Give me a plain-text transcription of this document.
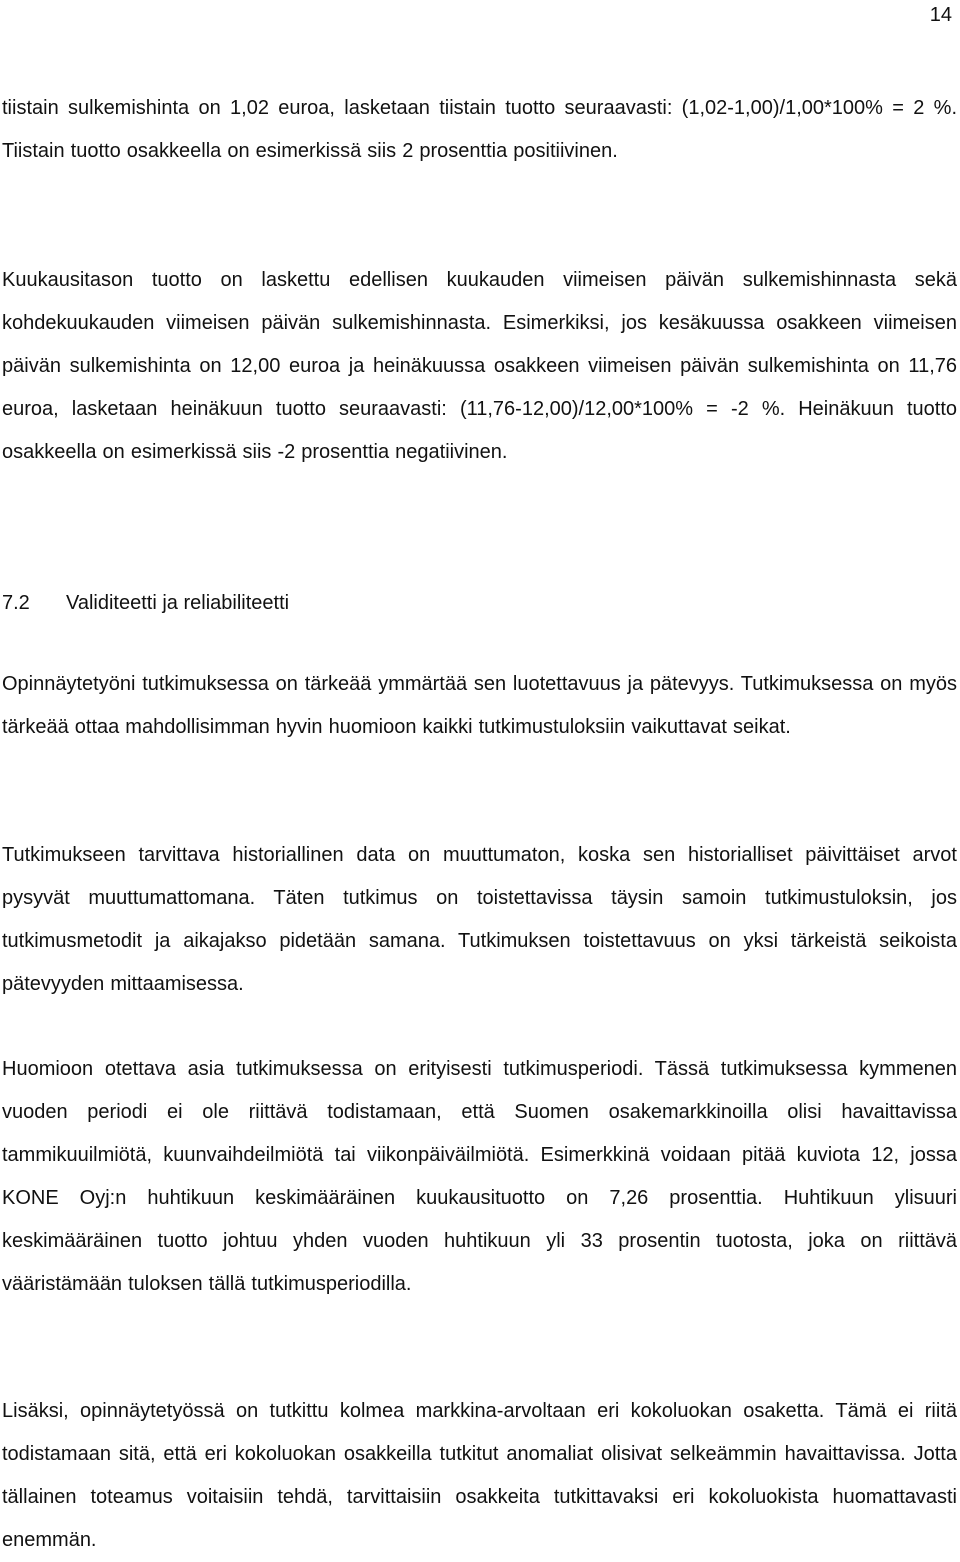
14

tiistain sulkemishinta on 1,02 euroa, lasketaan tiistain tuotto seuraavasti: (1,02-1,00)/1,00*100% = 2 %. Tiistain tuotto osakkeella on esimerkissä siis 2 prosenttia positiivinen.

Kuukausitason tuotto on laskettu edellisen kuukauden viimeisen päivän sulkemishinnasta sekä kohdekuukauden viimeisen päivän sulkemishinnasta. Esimerkiksi, jos kesäkuussa osakkeen viimeisen päivän sulkemishinta on 12,00 euroa ja heinäkuussa osakkeen viimeisen päivän sulkemishinta on 11,76 euroa, lasketaan heinäkuun tuotto seuraavasti: (11,76-12,00)/12,00*100% = -2 %. Heinäkuun tuotto osakkeella on esimerkissä siis -2 prosenttia negatiivinen.

7.2 Validiteetti ja reliabiliteetti

Opinnäytetyöni tutkimuksessa on tärkeää ymmärtää sen luotettavuus ja pätevyys. Tutkimuksessa on myös tärkeää ottaa mahdollisimman hyvin huomioon kaikki tutkimustuloksiin vaikuttavat seikat.

Tutkimukseen tarvittava historiallinen data on muuttumaton, koska sen historialliset päivittäiset arvot pysyvät muuttumattomana. Täten tutkimus on toistettavissa täysin samoin tutkimustuloksin, jos tutkimusmetodit ja aikajakso pidetään samana. Tutkimuksen toistettavuus on yksi tärkeistä seikoista pätevyyden mittaamisessa.

Huomioon otettava asia tutkimuksessa on erityisesti tutkimusperiodi. Tässä tutkimuksessa kymmenen vuoden periodi ei ole riittävä todistamaan, että Suomen osakemarkkinoilla olisi havaittavissa tammikuuilmiötä, kuunvaihdeilmiötä tai viikonpäiväilmiötä. Esimerkkinä voidaan pitää kuviota 12, jossa KONE Oyj:n huhtikuun keskimääräinen kuukausituotto on 7,26 prosenttia. Huhtikuun ylisuuri keskimääräinen tuotto johtuu yhden vuoden huhtikuun yli 33 prosentin tuotosta, joka on riittävä vääristämään tuloksen tällä tutkimusperiodilla.

Lisäksi, opinnäytetyössä on tutkittu kolmea markkina-arvoltaan eri kokoluokan osaketta. Tämä ei riitä todistamaan sitä, että eri kokoluokan osakkeilla tutkitut anomaliat olisivat selkeämmin havaittavissa. Jotta tällainen toteamus voitaisiin tehdä, tarvittaisiin osakkeita tutkittavaksi eri kokoluokista huomattavasti enemmän.
